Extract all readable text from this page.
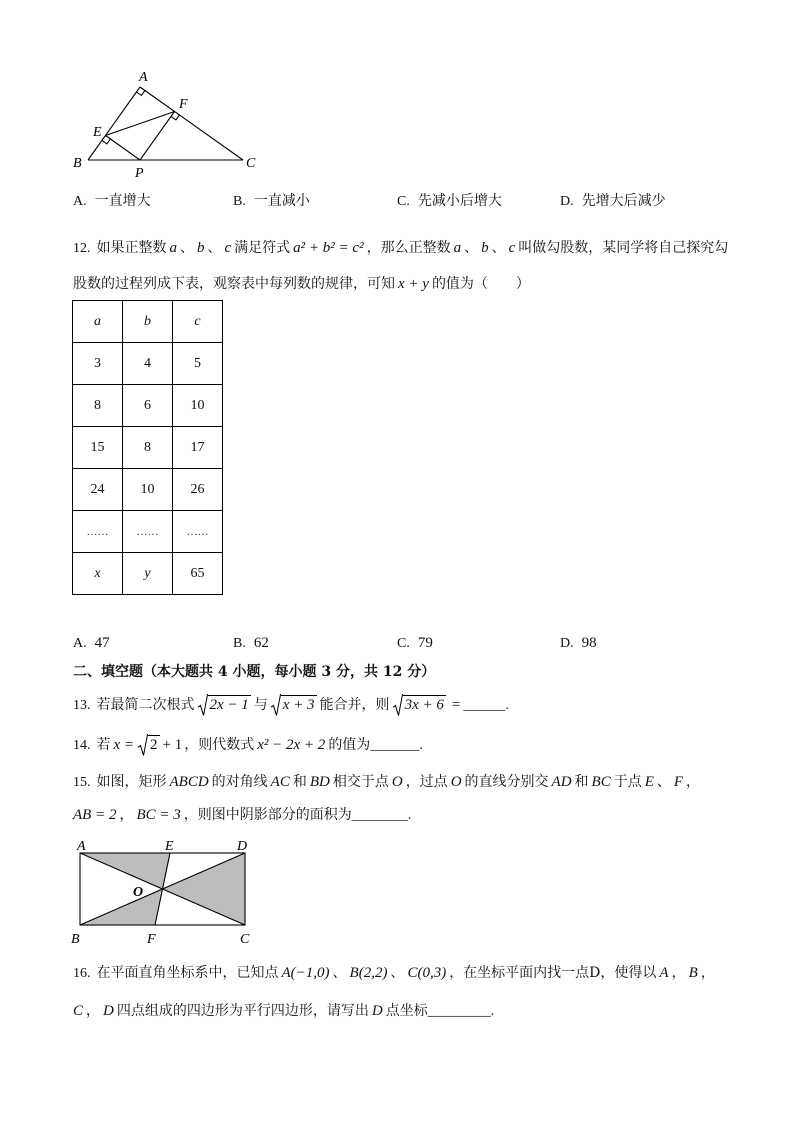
A
F
E
B
P
C
A. 一直增大	B. 一直减小	C. 先减小后增大	D. 先增大后减少
12. 如果正整数 a 、 b 、 c 满足符式 a² + b² = c² ，那么正整数 a 、 b 、 c 叫做勾股数，某同学将自己探究勾
股数的过程列成下表，观察表中每列数的规律，可知 x + y 的值为（　　）
a	b	c
3	4	5
8	6	10
15	8	17
24	10	26
……	……	……
x	y	65
A. 47	B. 62	C. 79	D. 98
二、填空题（本大题共 4 小题，每小题 3 分，共 12 分）
13. 若最简二次根式 2x − 1 与 x + 3 能合并，则 3x + 6 = ______.
14. 若 x = 2 + 1 ，则代数式 x² − 2x + 2 的值为_______.
15. 如图，矩形 ABCD 的对角线 AC 和 BD 相交于点 O ，过点 O 的直线分别交 AD 和 BC 于点 E 、 F ，
AB = 2 ， BC = 3 ，则图中阴影部分的面积为________.
A	E	D
O
B	F	C
16. 在平面直角坐标系中，已知点 A(−1,0) 、 B(2,2) 、 C(0,3) ，在坐标平面内找一点D，使得以 A ， B ，
C ， D 四点组成的四边形为平行四边形，请写出 D 点坐标_________.
